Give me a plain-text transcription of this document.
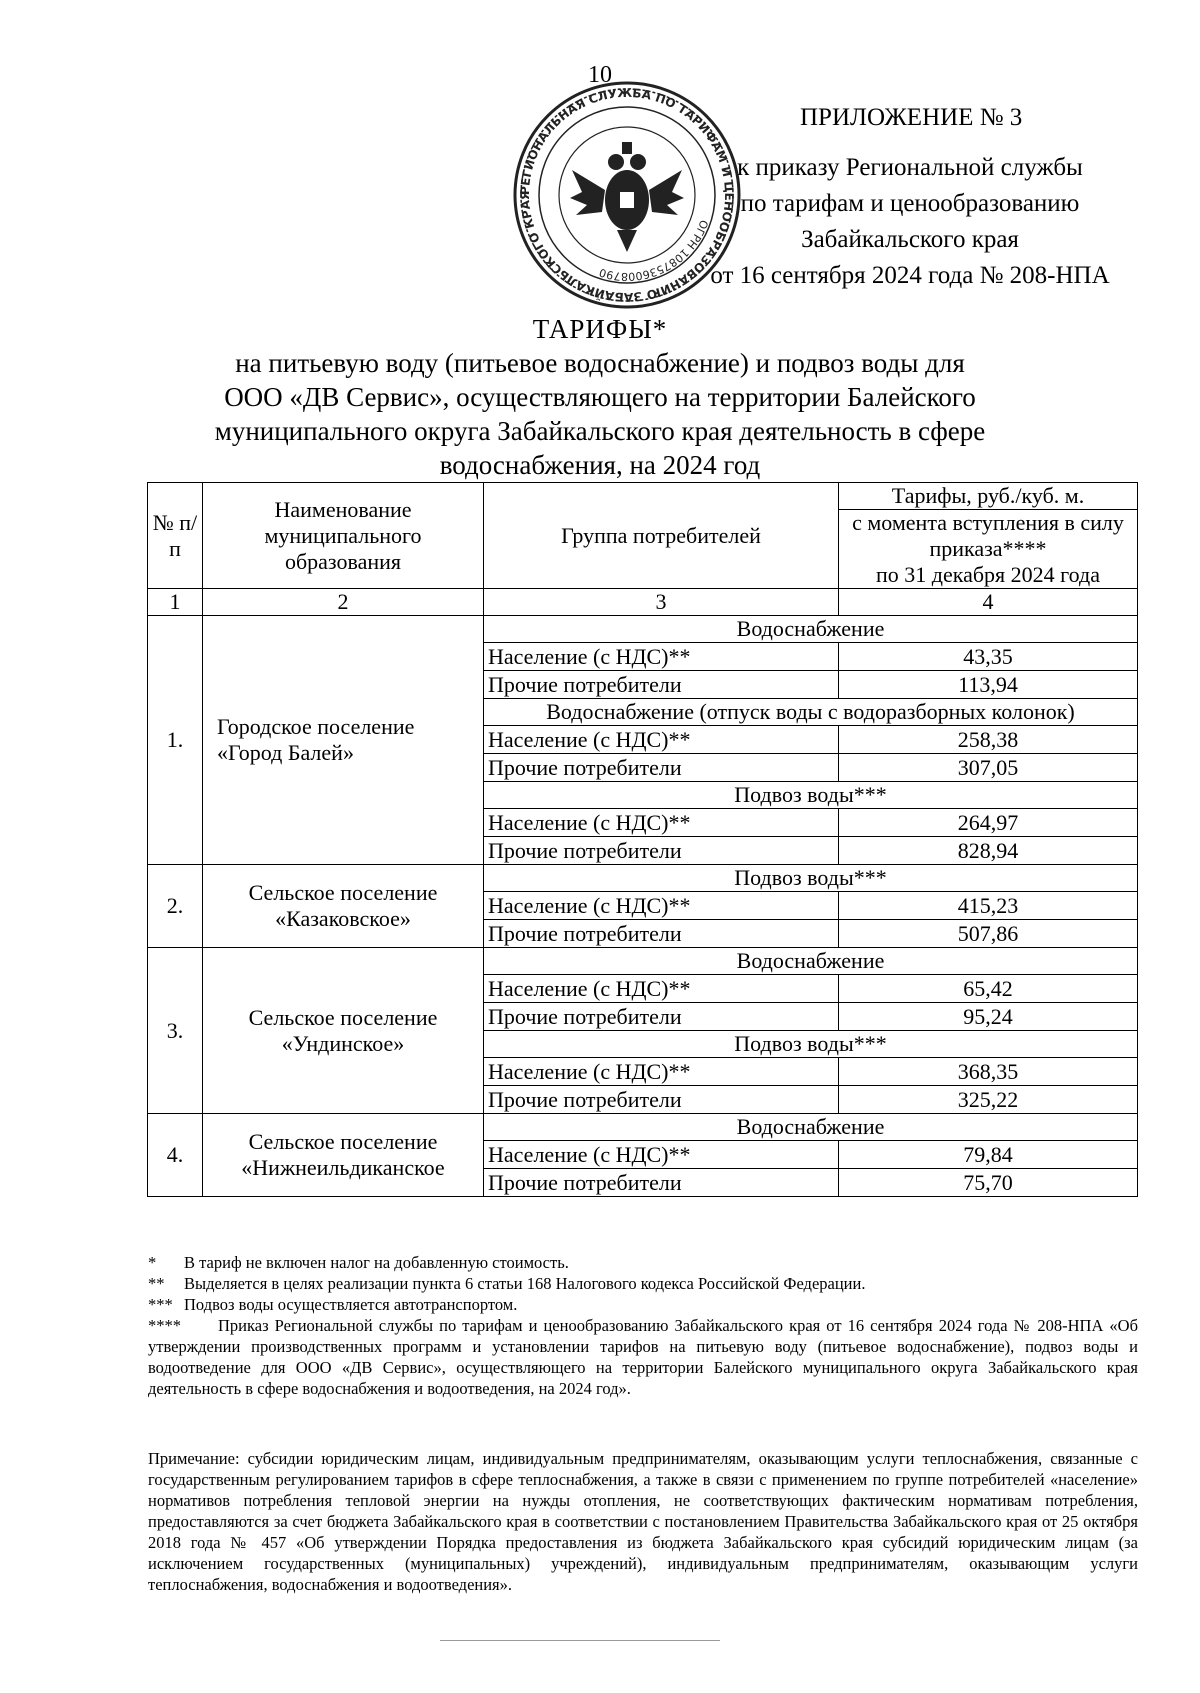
10
РЕГИОНАЛЬНАЯ СЛУЖБА ПО ТАРИФАМ И ЦЕНООБРАЗОВАНИЮ ЗАБАЙКАЛЬСКОГО КРАЯ
ОГРН 1087536008790
ПРИЛОЖЕНИЕ № 3
к приказу Региональной службы
по тарифам и ценообразованию
Забайкальского края
от 16 сентября 2024 года № 208-НПА
ТАРИФЫ*
на питьевую воду (питьевое водоснабжение) и подвоз воды для
ООО «ДВ Сервис», осуществляющего на территории Балейского
муниципального округа Забайкальского края деятельность в сфере
водоснабжения, на 2024 год
№ п/п	Наименование муниципального образования	Группа потребителей	Тарифы, руб./куб. м.

			с момента вступления в силу приказа****
по 31 декабря 2024 года

1	2	3	4
1.	Городское поселение «Город Балей»	Водоснабжение	
		Население (с НДС)**	43,35
		Прочие потребители	113,94
		Водоснабжение (отпуск воды с водоразборных колонок)	
		Население (с НДС)**	258,38
		Прочие потребители	307,05
		Подвоз воды***	
		Население (с НДС)**	264,97
		Прочие потребители	828,94
2.	Сельское поселение «Казаковское»	Подвоз воды***	
		Население (с НДС)**	415,23
		Прочие потребители	507,86
3.	Сельское поселение «Ундинское»	Водоснабжение	
		Население (с НДС)**	65,42
		Прочие потребители	95,24
		Подвоз воды***	
		Население (с НДС)**	368,35
		Прочие потребители	325,22
4.	Сельское поселение «Нижнеильдиканское	Водоснабжение	
		Население (с НДС)**	79,84
		Прочие потребители	75,70

* В тариф не включен налог на добавленную стоимость.

** Выделяется в целях реализации пункта 6 статьи 168 Налогового кодекса Российской Федерации.

*** Подвоз воды осуществляется автотранспортом.

**** Приказ Региональной службы по тарифам и ценообразованию Забайкальского края от 16 сентября 2024 года № 208-НПА «Об утверждении производственных программ и установлении тарифов на питьевую воду (питьевое водоснабжение), подвоз воды и водоотведение для ООО «ДВ Сервис», осуществляющего на территории Балейского муниципального округа Забайкальского края деятельность в сфере водоснабжения и водоотведения, на 2024 год».

Примечание: субсидии юридическим лицам, индивидуальным предпринимателям, оказывающим услуги теплоснабжения, связанные с государственным регулированием тарифов в сфере теплоснабжения, а также в связи с применением по группе потребителей «население» нормативов потребления тепловой энергии на нужды отопления, не соответствующих фактическим нормативам потребления, предоставляются за счет бюджета Забайкальского края в соответствии с постановлением Правительства Забайкальского края от 25 октября 2018 года № 457 «Об утверждении Порядка предоставления из бюджета Забайкальского края субсидий юридическим лицам (за исключением государственных (муниципальных) учреждений), индивидуальным предпринимателям, оказывающим услуги теплоснабжения, водоснабжения и водоотведения».
